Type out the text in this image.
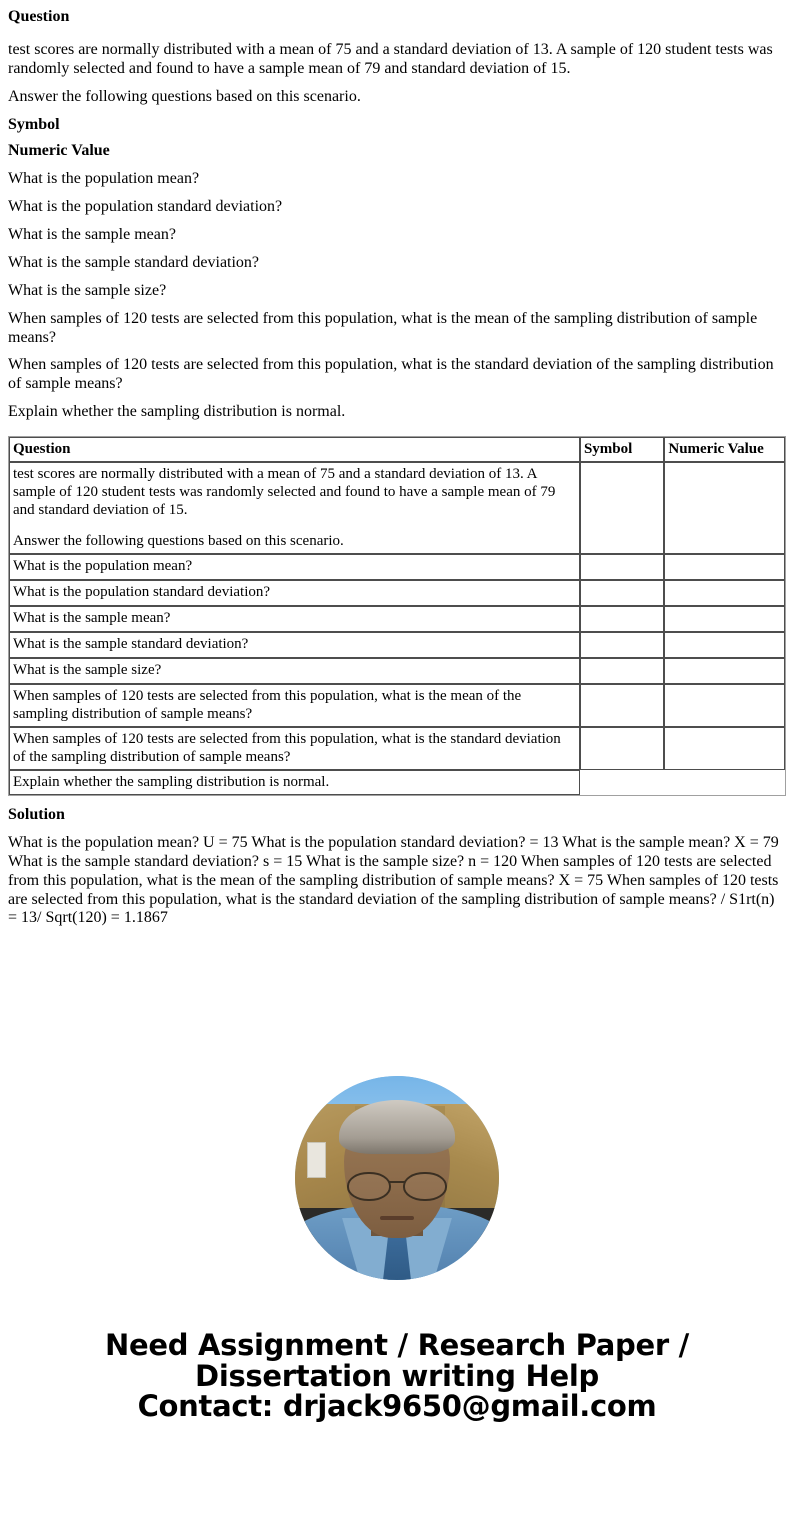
Question

test scores are normally distributed with a mean of 75 and a standard deviation of 13. A sample of 120 student tests was randomly selected and found to have a sample mean of 79 and standard deviation of 15.

Answer the following questions based on this scenario.

Symbol
Numeric Value

What is the population mean?

What is the population standard deviation?

What is the sample mean?

What is the sample standard deviation?

What is the sample size?

When samples of 120 tests are selected from this population, what is the mean of the sampling distribution of sample means?

When samples of 120 tests are selected from this population, what is the standard deviation of the sampling distribution of sample means?

Explain whether the sampling distribution is normal.

Question	Symbol	Numeric Value

test scores are normally distributed with a mean of 75 and a standard deviation of 13. A sample of 120 student tests was randomly selected and found to have a sample mean of 79 and standard deviation of 15.

Answer the following questions based on this scenario.		

What is the population mean?		
What is the population standard deviation?		
What is the sample mean?		
What is the sample standard deviation?		
What is the sample size?		
When samples of 120 tests are selected from this population, what is the mean of the sampling distribution of sample means?		
When samples of 120 tests are selected from this population, what is the standard deviation of the sampling distribution of sample means?		
Explain whether the sampling distribution is normal.		
Solution

What is the population mean? U = 75 What is the population standard deviation? = 13 What is the sample mean? X = 79 What is the sample standard deviation? s = 15 What is the sample size? n = 120 When samples of 120 tests are selected from this population, what is the mean of the sampling distribution of sample means? X = 75 When samples of 120 tests are selected from this population, what is the standard deviation of the sampling distribution of sample means? / S1rt(n) = 13/ Sqrt(120) = 1.1867

Need Assignment / Research Paper / Dissertation writing Help
Contact: drjack9650@gmail.com
